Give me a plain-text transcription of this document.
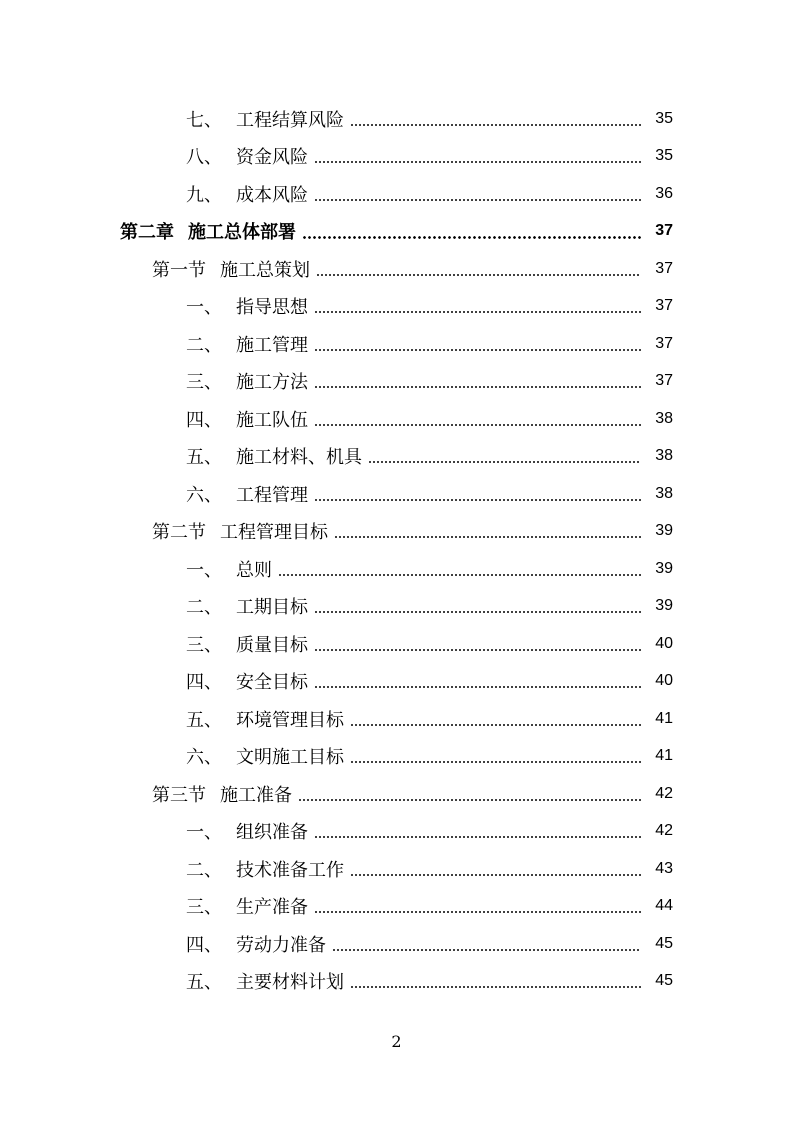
七、 工程结算风险	35
八、 资金风险	35
九、 成本风险	36
第二章 施工总体部署	37
第一节 施工总策划	37
一、 指导思想	37
二、 施工管理	37
三、 施工方法	37
四、 施工队伍	38
五、 施工材料、机具	38
六、 工程管理	38
第二节 工程管理目标	39
一、 总则	39
二、 工期目标	39
三、 质量目标	40
四、 安全目标	40
五、 环境管理目标	41
六、 文明施工目标	41
第三节 施工准备	42
一、 组织准备	42
二、 技术准备工作	43
三、 生产准备	44
四、 劳动力准备	45
五、 主要材料计划	45
2
